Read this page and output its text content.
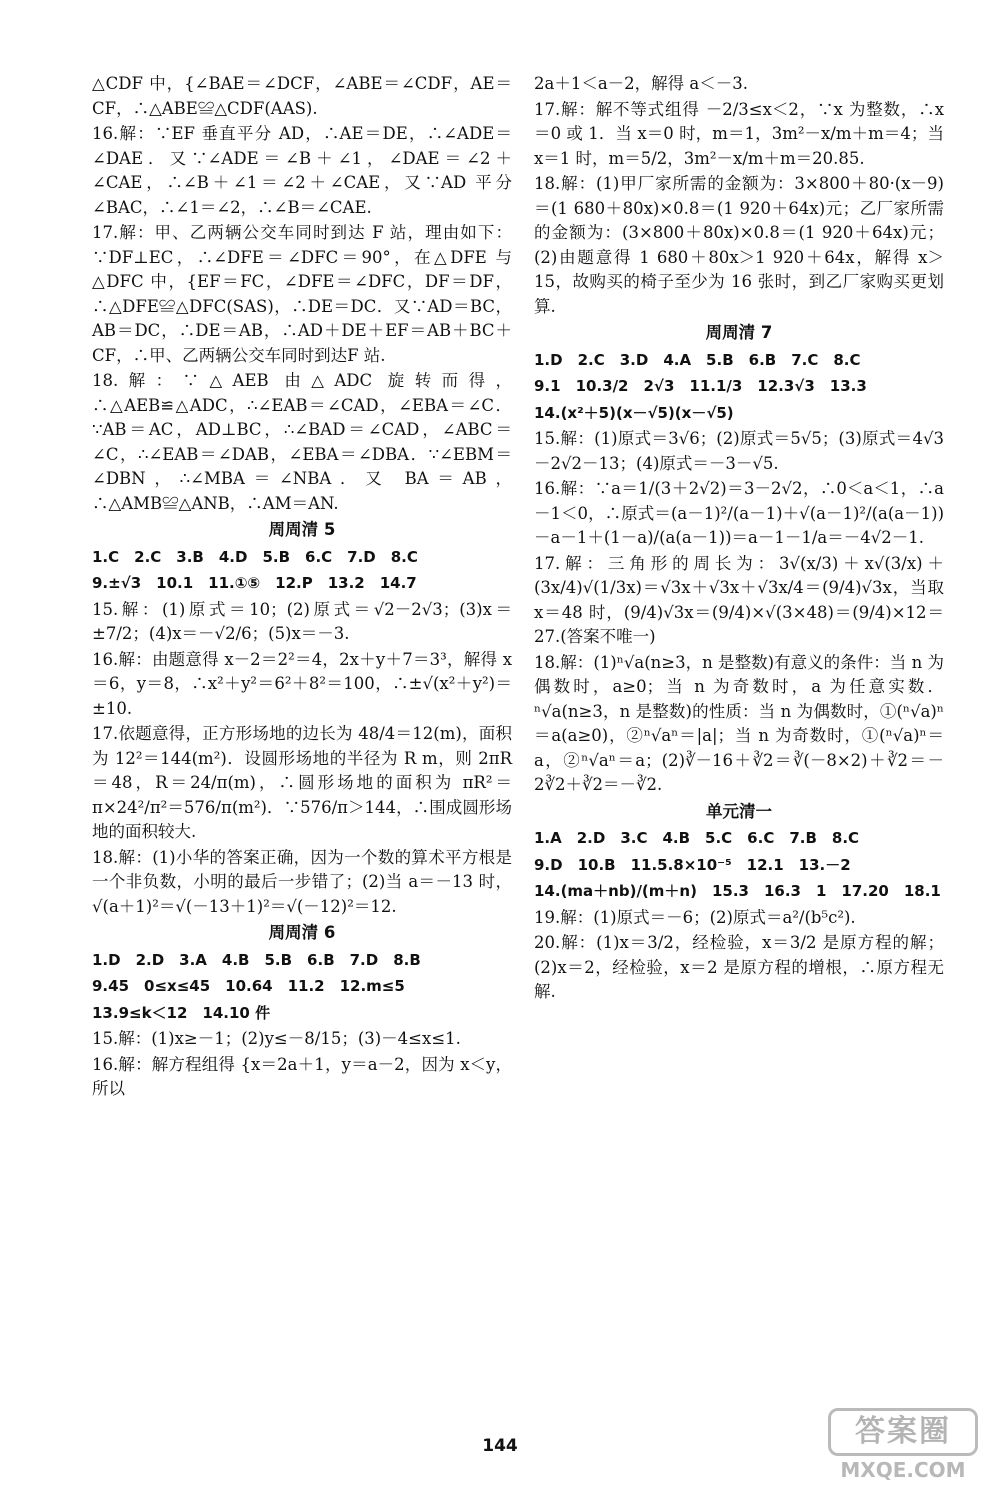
△CDF 中，{∠BAE＝∠DCF，∠ABE＝∠CDF，AE＝CF，∴△ABE≌△CDF(AAS).
16.解：∵EF 垂直平分 AD，∴AE＝DE，∴∠ADE＝∠DAE．又∵∠ADE＝∠B＋∠1，∠DAE＝∠2＋∠CAE，∴∠B＋∠1＝∠2＋∠CAE，又∵AD 平分∠BAC，∴∠1＝∠2，∴∠B＝∠CAE.
17.解：甲、乙两辆公交车同时到达 F 站，理由如下：∵DF⊥EC，∴∠DFE＝∠DFC＝90°，在△DFE 与△DFC 中，{EF＝FC，∠DFE＝∠DFC，DF＝DF，∴△DFE≌△DFC(SAS)，∴DE＝DC．又∵AD＝BC，AB＝DC，∴DE＝AB，∴AD＋DE＋EF＝AB＋BC＋CF，∴甲、乙两辆公交车同时到达F 站.
18.解：∵△AEB 由△ADC 旋转而得，∴△AEB≌△ADC，∴∠EAB＝∠CAD，∠EBA＝∠C．∵AB＝AC，AD⊥BC，∴∠BAD＝∠CAD，∠ABC＝∠C，∴∠EAB＝∠DAB，∠EBA＝∠DBA．∵∠EBM＝∠DBN，∴∠MBA＝∠NBA．又 BA＝AB，∴△AMB≌△ANB，∴AM＝AN.
周周清 5
1.C　2.C　3.B　4.D　5.B　6.C　7.D　8.C
9.±√3　10.1　11.①⑤　12.P　13.2　14.7
15.解：(1)原式＝10；(2)原式＝√2－2√3；(3)x＝±7/2；(4)x＝－√2/6；(5)x＝－3.
16.解：由题意得 x－2＝2²＝4，2x＋y＋7＝3³，解得 x＝6，y＝8，∴x²＋y²＝6²＋8²＝100，∴±√(x²＋y²)＝±10.
17.依题意得，正方形场地的边长为 48/4＝12(m)，面积为 12²＝144(m²)．设圆形场地的半径为 R m，则 2πR＝48，R＝24/π(m)，∴圆形场地的面积为 πR²＝π×24²/π²＝576/π(m²)．∵576/π＞144，∴围成圆形场地的面积较大.
18.解：(1)小华的答案正确，因为一个数的算术平方根是一个非负数，小明的最后一步错了；(2)当 a＝－13 时，√(a＋1)²＝√(－13＋1)²＝√(－12)²＝12.
周周清 6
1.D　2.D　3.A　4.B　5.B　6.B　7.D　8.B
9.45　0≤x≤45　10.64　11.2　12.m≤5
13.9≤k＜12　14.10 件
15.解：(1)x≥－1；(2)y≤－8/15；(3)－4≤x≤1.
16.解：解方程组得 {x＝2a＋1，y＝a－2，因为 x＜y，所以
2a＋1＜a－2，解得 a＜－3.
17.解：解不等式组得 －2/3≤x＜2，∵x 为整数，∴x＝0 或 1．当 x＝0 时，m＝1，3m²－x/m＋m＝4；当 x＝1 时，m＝5/2，3m²－x/m＋m＝20.85.
18.解：(1)甲厂家所需的金额为：3×800＋80·(x－9)＝(1 680＋80x)×0.8＝(1 920＋64x)元；乙厂家所需的金额为：(3×800＋80x)×0.8＝(1 920＋64x)元；(2)由题意得 1 680＋80x＞1 920＋64x，解得 x＞15，故购买的椅子至少为 16 张时，到乙厂家购买更划算.
周周清 7
1.D　2.C　3.D　4.A　5.B　6.B　7.C　8.C
9.1　10.3/2　2√3　11.1/3　12.3√3　13.3
14.(x²＋5)(x－√5)(x－√5)
15.解：(1)原式＝3√6；(2)原式＝5√5；(3)原式＝4√3－2√2－13；(4)原式＝－3－√5.
16.解：∵a＝1/(3＋2√2)＝3－2√2，∴0＜a＜1，∴a－1＜0，∴原式＝(a－1)²/(a－1)＋√(a－1)²/(a(a－1))－a－1＋(1－a)/(a(a－1))＝a－1－1/a＝－4√2－1.
17.解：三角形的周长为：3√(x/3)＋x√(3/x)＋(3x/4)√(1/3x)＝√3x＋√3x＋√3x/4＝(9/4)√3x，当取 x＝48 时，(9/4)√3x＝(9/4)×√(3×48)＝(9/4)×12＝27.(答案不唯一)
18.解：(1)ⁿ√a(n≥3，n 是整数)有意义的条件：当 n 为偶数时，a≥0；当 n 为奇数时，a 为任意实数．ⁿ√a(n≥3，n 是整数)的性质：当 n 为偶数时，①(ⁿ√a)ⁿ＝a(a≥0)，②ⁿ√aⁿ＝|a|；当 n 为奇数时，①(ⁿ√a)ⁿ＝a，②ⁿ√aⁿ＝a；(2)∛－16＋∛2＝∛(－8×2)＋∛2＝－2∛2＋∛2＝－∛2.
单元清一
1.A　2.D　3.C　4.B　5.C　6.C　7.B　8.C
9.D　10.B　11.5.8×10⁻⁵　12.1　13.－2
14.(ma＋nb)/(m＋n)　15.3　16.3　1　17.20　18.1
19.解：(1)原式＝－6；(2)原式＝a²/(b⁵c²).
20.解：(1)x＝3/2，经检验，x＝3/2 是原方程的解；(2)x＝2，经检验，x＝2 是原方程的增根，∴原方程无解.
144	答案圈
MXQE.COM
